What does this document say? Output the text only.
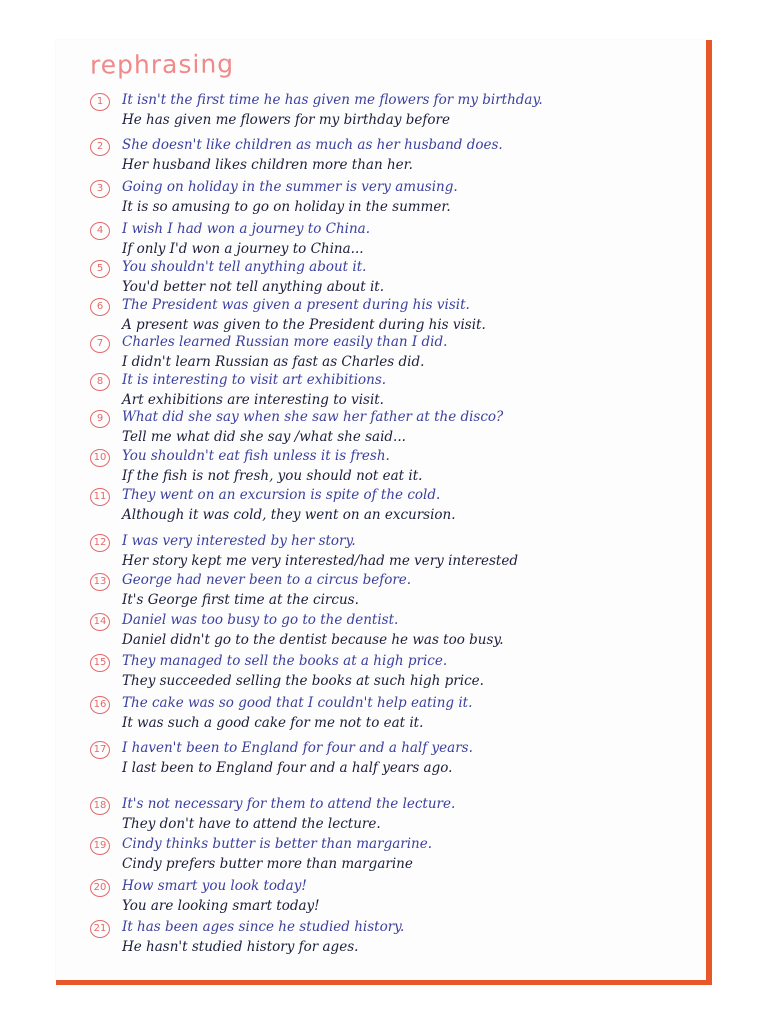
rephrasing
1	It isn't the first time he has given me flowers for my birthday.
He has given me flowers for my birthday before
2	She doesn't like children as much as her husband does.
Her husband likes children more than her.
3	Going on holiday in the summer is very amusing.
It is so amusing to go on holiday in the summer.
4	I wish I had won a journey to China.
If only I'd won a journey to China...
5	You shouldn't tell anything about it.
You'd better not tell anything about it.
6	The President was given a present during his visit.
A present was given to the President during his visit.
7	Charles learned Russian more easily than I did.
I didn't learn Russian as fast as Charles did.
8	It is interesting to visit art exhibitions.
Art exhibitions are interesting to visit.
9	What did she say when she saw her father at the disco?
Tell me what did she say /what she said...
10 You shouldn't eat fish unless it is fresh.
If the fish is not fresh, you should not eat it.
11 They went on an excursion is spite of the cold.
Although it was cold, they went on an excursion.
12 I was very interested by her story.
Her story kept me very interested/had me very interested
13 George had never been to a circus before.
It's George first time at the circus.
14 Daniel was too busy to go to the dentist.
Daniel didn't go to the dentist because he was too busy.
15 They managed to sell the books at a high price.
They succeeded selling the books at such high price.
16 The cake was so good that I couldn't help eating it.
It was such a good cake for me not to eat it.
17 I haven't been to England for four and a half years.
I last been to England four and a half years ago.
18 It's not necessary for them to attend the lecture.
They don't have to attend the lecture.
19 Cindy thinks butter is better than margarine.
Cindy prefers butter more than margarine
20 How smart you look today!
You are looking smart today!
21 It has been ages since he studied history.
He hasn't studied history for ages.
